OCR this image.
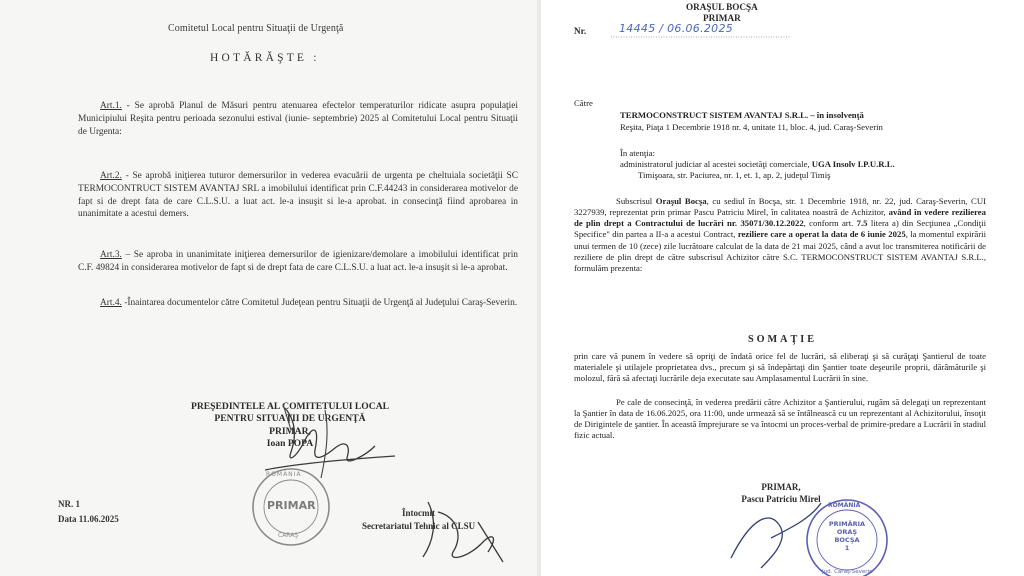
Comitetul Local pentru Situaţii de Urgenţă
HOTĂRĂŞTE :
Art.1. - Se aprobă Planul de Măsuri pentru atenuarea efectelor temperaturilor ridicate asupra populaţiei Municipiului Reşita pentru perioada sezonului estival (iunie- septembrie) 2025 al Comitetului Local pentru Situaţii de Urgenta:
Art.2. - Se aprobă iniţierea tuturor demersurilor in vederea evacuării de urgenta pe cheltuiala societăţii SC TERMOCONTRUCT SISTEM AVANTAJ SRL a imobilului identificat prin C.F.44243 in considerarea motivelor de fapt si de drept fata de care C.L.S.U. a luat act. le-a insuşit si le-a aprobat. in consecinţă fiind aprobarea in unanimitate a acestui demers.
Art.3. – Se aproba in unanimitate iniţierea demersurilor de igienizare/demolare a imobilului identificat prin C.F. 49824 in considerarea motivelor de fapt si de drept fata de care C.L.S.U. a luat act. le-a insuşit si le-a aprobat.
Art.4. -Înaintarea documentelor către Comitetul Judeţean pentru Situaţii de Urgenţă al Judeţului Caraş-Severin.
PREŞEDINTELE AL COMITETULUI LOCAL
PENTRU SITUAŢII DE URGENŢĂ
PRIMAR,
Ioan POPA
ROMÂNIA
PRIMAR
CARAŞ
NR. 1
Data 11.06.2025
Întocmit
Secretariatul Tehnic al CLSU
ORAŞUL BOCŞA
PRIMAR
Nr.	14445 / 06.06.2025
Către
TERMOCONSTRUCT SISTEM AVANTAJ S.R.L. – în insolvenţă
Reşita, Piaţa 1 Decembrie 1918 nr. 4, unitate 11, bloc. 4, jud. Caraş-Severin
În atenţia:
administratorul judiciar al acestei societăţi comerciale, UGA Insolv I.P.U.R.L.
Timişoara, str. Paciurea, nr. 1, et. 1, ap. 2, judeţul Timiş
Subscrisul Oraşul Bocşa, cu sediul în Bocşa, str. 1 Decembrie 1918, nr. 22, jud. Caraş-Severin, CUI 3227939, reprezentat prin primar Pascu Patriciu Mirel, în calitatea noastră de Achizitor, având în vedere rezilierea de plin drept a Contractului de lucrări nr. 35071/30.12.2022, conform art. 7.5 litera a) din Secţiunea „Condiţii Specifice" din partea a II-a a acestui Contract, reziliere care a operat la data de 6 iunie 2025, la momentul expirării unui termen de 10 (zece) zile lucrătoare calculat de la data de 21 mai 2025, când a avut loc transmiterea notificării de reziliere de plin drept de către subscrisul Achizitor către S.C. TERMOCONSTRUCT SISTEM AVANTAJ S.R.L., formulăm prezenta:
SOMAŢIE
prin care vă punem în vedere să opriţi de îndată orice fel de lucrări, să eliberaţi şi să curăţaţi Şantierul de toate materialele şi utilajele proprietatea dvs., precum şi să îndepărtaţi din Şantier toate deşeurile proprii, dărâmăturile şi molozul, fără să afectaţi lucrările deja executate sau Amplasamentul Lucrării în sine.
Pe cale de consecinţă, în vederea predării către Achizitor a Şantierului, rugăm să delegaţi un reprezentant la Şantier în data de 16.06.2025, ora 11:00, unde urmează să se întâlnească cu un reprezentant al Achizitorului, însoţit de Dirigintele de şantier. În această împrejurare se va întocmi un proces-verbal de primire-predare a Lucrării în stadiul fizic actual.
PRIMAR,
Pascu Patriciu Mirel
ROMÂNIA
PRIMĂRIA
ORAŞ
BOCŞA
1
Jud. Caraş-Severin
